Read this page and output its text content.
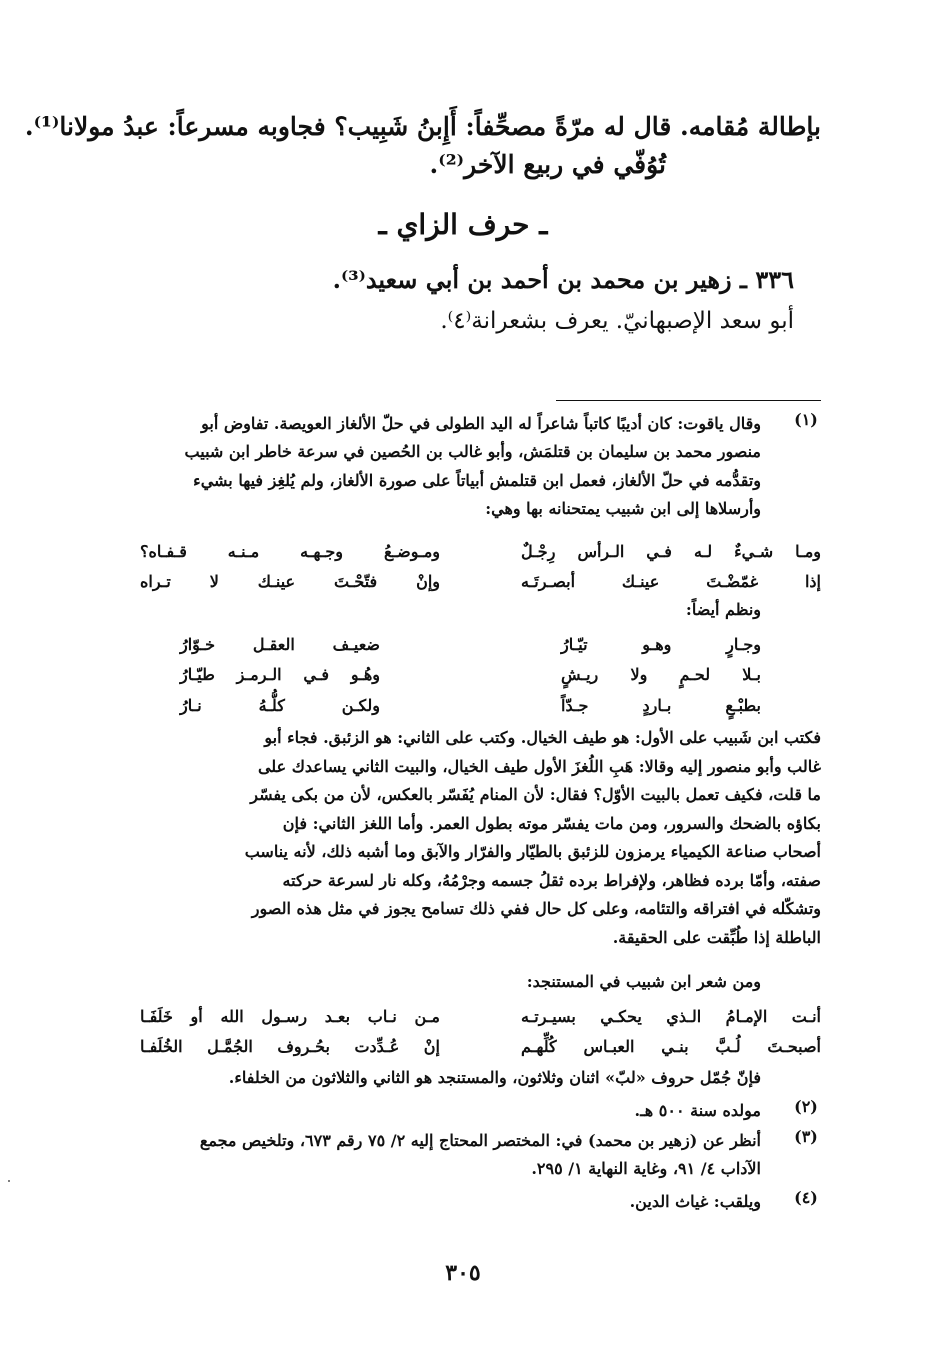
بإطالة مُقامه. قال له مرّةً مصحِّفاً: أَإِبنُ شَبِيب؟ فجاوبه مسرعاً: عبدُ مولانا⁽¹⁾.
تُوُفّي في ربيع الآخر⁽²⁾.
ـ حرف الزاي ـ
٣٣٦ ـ زهير بن محمد بن أحمد بن أبي سعيد⁽³⁾.
أبو سعد الإصبهانيّ. يعرف بشعرانة⁽٤⁾.
(١)
وقال ياقوت: كان أديبًا كاتباً شاعراً له اليد الطولى في حلّ الألغاز العويصة. تفاوض أبو
منصور محمد بن سليمان بن قتلمَش، وأبو غالب بن الحُصين في سرعة خاطر ابن شبيب
وتقدُّمه في حلّ الألغاز، فعمل ابن قتلمش أبياتاً على صورة الألغاز، ولم يُلغِز فيها بشيء
وأرسلاها إلى ابن شبيب يمتحنانه بها وهي:
ومـا شـيءٌ لـه فـي الـرأس رِجْـلٌ
ومـوضـعُ وجـهـه مـنـه قـفـاه؟
إذا غمّضْـتَ عينـك أبصـرتَـه
وإنْ فتّحْـتَ عينـك لا تـراه
ونظم أيضاً:
وجـارٍ وهـو تيّـارُ
ضعيـف العقـل خـوّارُ
بـلا لحـمٍ ولا ريـشٍ
وهُـو فـي الـرمـز طيّـارُ
بطبْـعٍ بـاردٍ جـدّاً
ولكـن كلُّـهُ نـارُ
فكتب ابن شَبيب على الأول: هو طيف الخيال. وكتب على الثاني: هو الزئبق. فجاء أبو
غالب وأبو منصور إليه وقالا: هَبِ اللُغزَ الأول طيف الخيال، والبيت الثاني يساعدك على
ما قلت، فكيف تعمل بالبيت الأوّل؟ فقال: لأن المنام يُفَسّر بالعكس، لأن من بكى يفسّر
بكاؤه بالضحك والسرور، ومن مات يفسّر موته بطول العمر. وأما اللغز الثاني: فإن
أصحاب صناعة الكيمياء يرمزون للزئبق بالطيّار والفرّار والآبق وما أشبه ذلك، لأنه يناسب
صفته، وأمّا برده فظاهر، ولإفراط برده ثقلُ جسمه وجرْمُهُ، وكله نار لسرعة حركته
وتشكّله في افتراقه والتئامه، وعلى كل حال ففي ذلك تسامح يجوز في مثل هذه الصور
الباطلة إذا طُبِّقت على الحقيقة.
ومن شعر ابن شبيب في المستنجد:
أنـت الإمـامُ الـذي يحكـي بسيـرتـه
مـن نـاب بعـد رسـول الله أو خَلَفَـا
أصبحـتَ لُـبَّ بنـي العبـاس كُلِّهـم
إنْ عُـدِّدت بحُـروف الجُمَّـل الخُلَفـا
فإنّ جُمّل حروف «لبّ» اثنان وثلاثون، والمستنجد هو الثاني والثلاثون من الخلفاء.
(٢)
مولده سنة ٥٠٠ هـ.
(٣)
أنظر عن (زهير بن محمد) في: المختصر المحتاج إليه ٢/ ٧٥ رقم ٦٧٣، وتلخيص مجمع
الآداب ٤/ ٩١، وغاية النهاية ١/ ٢٩٥.
(٤)
ويلقب: غياث الدين.
٣٠٥
